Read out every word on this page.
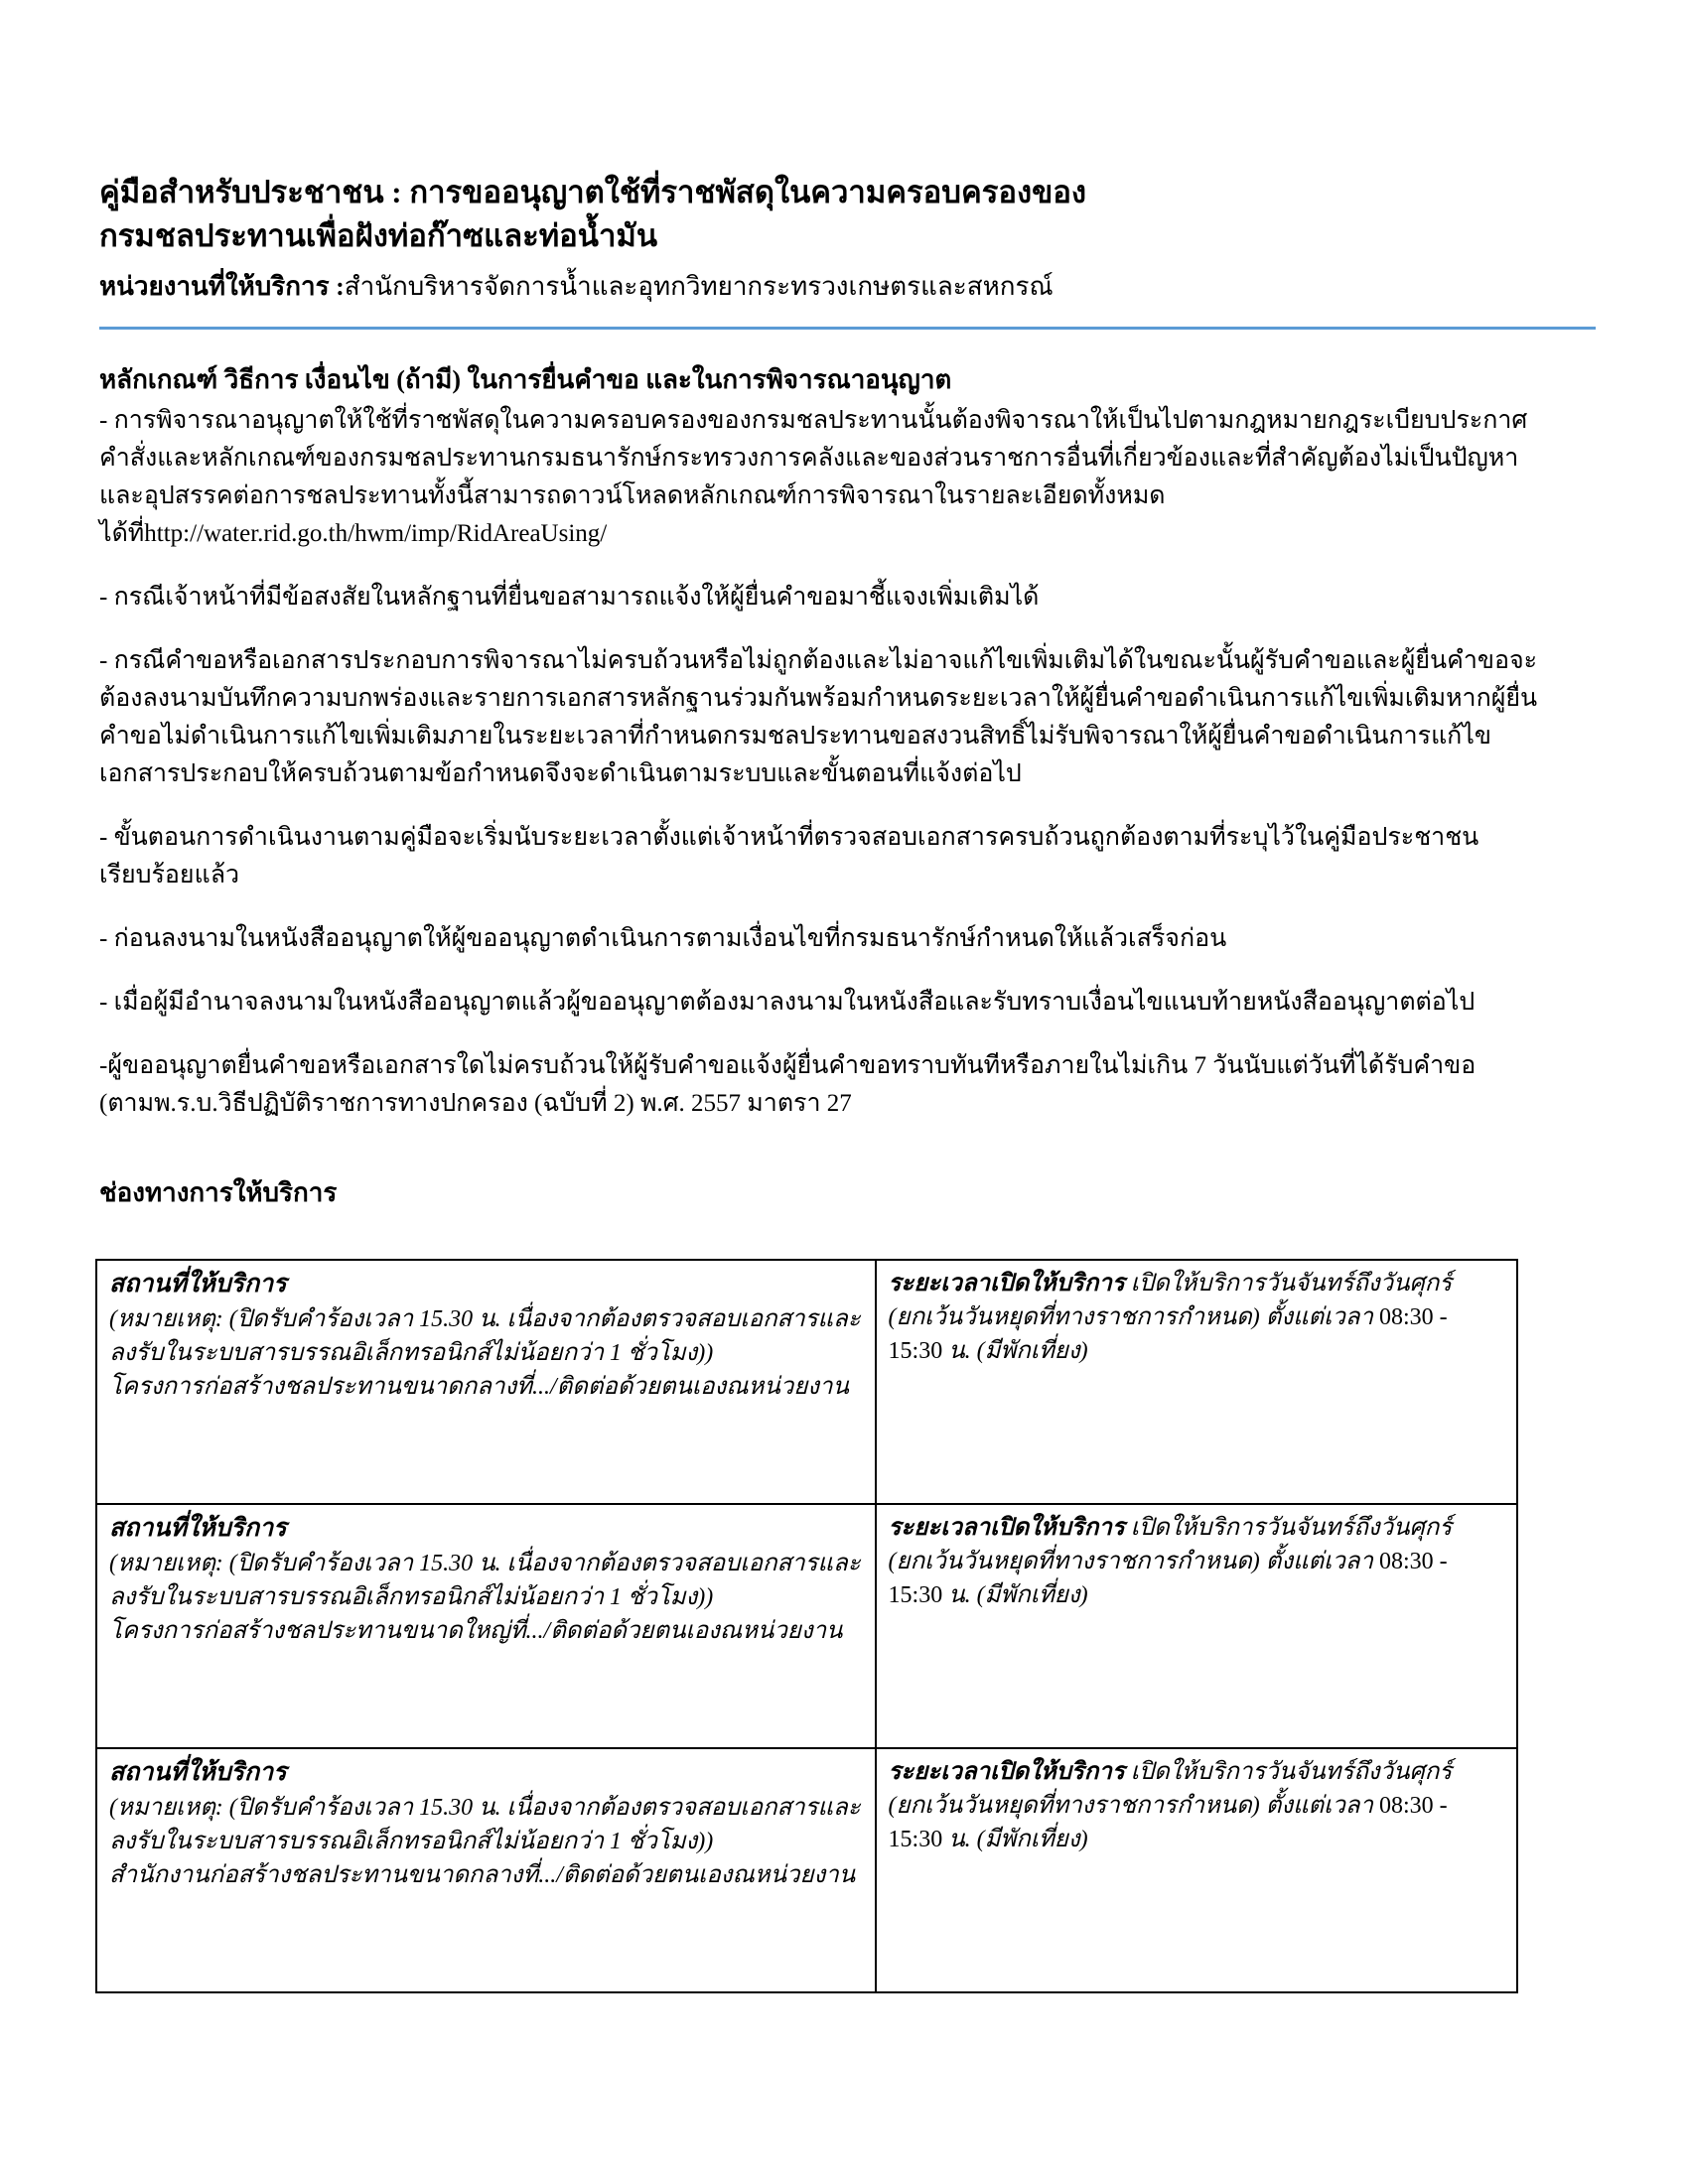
คู่มือสำหรับประชาชน : การขออนุญาตใช้ที่ราชพัสดุในความครอบครองของกรมชลประทานเพื่อฝังท่อก๊าซและท่อน้ำมัน

หน่วยงานที่ให้บริการ :สำนักบริหารจัดการน้ำและอุทกวิทยากระทรวงเกษตรและสหกรณ์

หลักเกณฑ์ วิธีการ เงื่อนไข (ถ้ามี) ในการยื่นคำขอ และในการพิจารณาอนุญาต

- การพิจารณาอนุญาตให้ใช้ที่ราชพัสดุในความครอบครองของกรมชลประทานนั้นต้องพิจารณาให้เป็นไปตามกฎหมายกฎระเบียบประกาศคำสั่งและหลักเกณฑ์ของกรมชลประทานกรมธนารักษ์กระทรวงการคลังและของส่วนราชการอื่นที่เกี่ยวข้องและที่สำคัญต้องไม่เป็นปัญหาและอุปสรรคต่อการชลประทานทั้งนี้สามารถดาวน์โหลดหลักเกณฑ์การพิจารณาในรายละเอียดทั้งหมดได้ที่http://water.rid.go.th/hwm/imp/RidAreaUsing/

- กรณีเจ้าหน้าที่มีข้อสงสัยในหลักฐานที่ยื่นขอสามารถแจ้งให้ผู้ยื่นคำขอมาชี้แจงเพิ่มเติมได้

- กรณีคำขอหรือเอกสารประกอบการพิจารณาไม่ครบถ้วนหรือไม่ถูกต้องและไม่อาจแก้ไขเพิ่มเติมได้ในขณะนั้นผู้รับคำขอและผู้ยื่นคำขอจะต้องลงนามบันทึกความบกพร่องและรายการเอกสารหลักฐานร่วมกันพร้อมกำหนดระยะเวลาให้ผู้ยื่นคำขอดำเนินการแก้ไขเพิ่มเติมหากผู้ยื่นคำขอไม่ดำเนินการแก้ไขเพิ่มเติมภายในระยะเวลาที่กำหนดกรมชลประทานขอสงวนสิทธิ์ไม่รับพิจารณาให้ผู้ยื่นคำขอดำเนินการแก้ไขเอกสารประกอบให้ครบถ้วนตามข้อกำหนดจึงจะดำเนินตามระบบและขั้นตอนที่แจ้งต่อไป

- ขั้นตอนการดำเนินงานตามคู่มือจะเริ่มนับระยะเวลาตั้งแต่เจ้าหน้าที่ตรวจสอบเอกสารครบถ้วนถูกต้องตามที่ระบุไว้ในคู่มือประชาชนเรียบร้อยแล้ว

- ก่อนลงนามในหนังสืออนุญาตให้ผู้ขออนุญาตดำเนินการตามเงื่อนไขที่กรมธนารักษ์กำหนดให้แล้วเสร็จก่อน

- เมื่อผู้มีอำนาจลงนามในหนังสืออนุญาตแล้วผู้ขออนุญาตต้องมาลงนามในหนังสือและรับทราบเงื่อนไขแนบท้ายหนังสืออนุญาตต่อไป

-ผู้ขออนุญาตยื่นคำขอหรือเอกสารใดไม่ครบถ้วนให้ผู้รับคำขอแจ้งผู้ยื่นคำขอทราบทันทีหรือภายในไม่เกิน 7 วันนับแต่วันที่ได้รับคำขอ (ตามพ.ร.บ.วิธีปฏิบัติราชการทางปกครอง (ฉบับที่ 2) พ.ศ. 2557 มาตรา 27

ช่องทางการให้บริการ
สถานที่ให้บริการ
(หมายเหตุ: (ปิดรับคำร้องเวลา 15.30 น. เนื่องจากต้องตรวจสอบเอกสารและลงรับในระบบสารบรรณอิเล็กทรอนิกส์ไม่น้อยกว่า 1 ชั่วโมง))
โครงการก่อสร้างชลประทานขนาดกลางที่.../ติดต่อด้วยตนเองณหน่วยงาน	ระยะเวลาเปิดให้บริการ เปิดให้บริการวันจันทร์ถึงวันศุกร์ (ยกเว้นวันหยุดที่ทางราชการกำหนด) ตั้งแต่เวลา 08:30 - 15:30 น. (มีพักเที่ยง)

สถานที่ให้บริการ
(หมายเหตุ: (ปิดรับคำร้องเวลา 15.30 น. เนื่องจากต้องตรวจสอบเอกสารและลงรับในระบบสารบรรณอิเล็กทรอนิกส์ไม่น้อยกว่า 1 ชั่วโมง))
โครงการก่อสร้างชลประทานขนาดใหญ่ที่.../ติดต่อด้วยตนเองณหน่วยงาน	ระยะเวลาเปิดให้บริการ เปิดให้บริการวันจันทร์ถึงวันศุกร์ (ยกเว้นวันหยุดที่ทางราชการกำหนด) ตั้งแต่เวลา 08:30 - 15:30 น. (มีพักเที่ยง)

สถานที่ให้บริการ
(หมายเหตุ: (ปิดรับคำร้องเวลา 15.30 น. เนื่องจากต้องตรวจสอบเอกสารและลงรับในระบบสารบรรณอิเล็กทรอนิกส์ไม่น้อยกว่า 1 ชั่วโมง))
สำนักงานก่อสร้างชลประทานขนาดกลางที่.../ติดต่อด้วยตนเองณหน่วยงาน	ระยะเวลาเปิดให้บริการ เปิดให้บริการวันจันทร์ถึงวันศุกร์ (ยกเว้นวันหยุดที่ทางราชการกำหนด) ตั้งแต่เวลา 08:30 - 15:30 น. (มีพักเที่ยง)
